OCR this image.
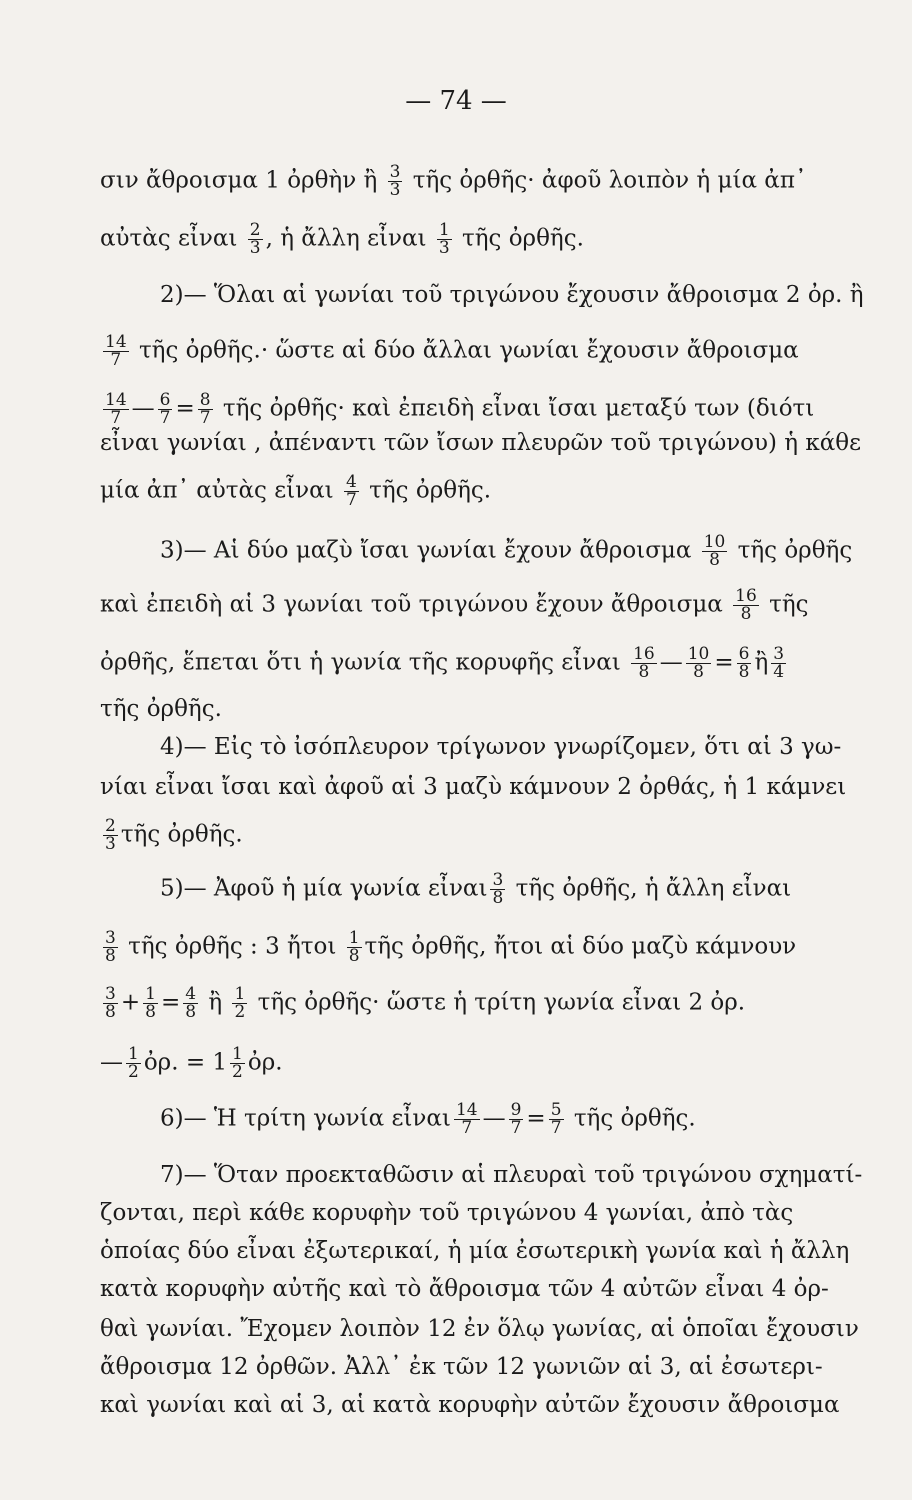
— 74 —
σιν ἄθροισμα 1 ὀρθὴν ἢ $\frac{3}{3}$ τῆς ὀρθῆς· ἀφοῦ λοιπὸν ἡ μία ἀπ᾿
αὐτὰς εἶναι $\frac{2}{3}$ , ἡ ἄλλη εἶναι $\frac{1}{3}$ τῆς ὀρθῆς.
2)— Ὅλαι αἱ γωνίαι τοῦ τριγώνου ἔχουσιν ἄθροισμα 2 ὀρ. ἢ
$\frac{14}{7}$ τῆς ὀρθῆς.· ὥστε αἱ δύο ἄλλαι γωνίαι ἔχουσιν ἄθροισμα
$\frac{14}{7}$ — $\frac{6}{7} = \frac{8}{7}$ τῆς ὀρθῆς· καὶ ἐπειδὴ εἶναι ἴσαι μεταξύ των (διότι
εἶναι γωνίαι , ἀπέναντι τῶν ἴσων πλευρῶν τοῦ τριγώνου) ἡ κάθε
μία ἀπ᾿ αὐτὰς εἶναι $\frac{4}{7}$ τῆς ὀρθῆς.
3)— Αἱ δύο μαζὺ ἴσαι γωνίαι ἔχουν ἄθροισμα $\frac{10}{8}$ τῆς ὀρθῆς
καὶ ἐπειδὴ αἱ 3 γωνίαι τοῦ τριγώνου ἔχουν ἄθροισμα $\frac{16}{8}$ τῆς
ὀρθῆς, ἕπεται ὅτι ἡ γωνία τῆς κορυφῆς εἶναι $\frac{16}{8}$ — $\frac{10}{8} = \frac{6}{8}$ ἢ $\frac{3}{4}$
τῆς ὀρθῆς.
4)— Εἰς τὸ ἰσόπλευρον τρίγωνον γνωρίζομεν, ὅτι αἱ 3 γω-
νίαι εἶναι ἴσαι καὶ ἀφοῦ αἱ 3 μαζὺ κάμνουν 2 ὀρθάς, ἡ 1 κάμνει
$\frac{2}{3}$ τῆς ὀρθῆς.
5)— Ἀφοῦ ἡ μία γωνία εἶναι $\frac{3}{8}$ τῆς ὀρθῆς, ἡ ἄλλη εἶναι
$\frac{3}{8}$ τῆς ὀρθῆς : 3 ἤτοι $\frac{1}{8}$ τῆς ὀρθῆς, ἤτοι αἱ δύο μαζὺ κάμνουν
$\frac{3}{8} + \frac{1}{8} = \frac{4}{8}$ ἢ $\frac{1}{2}$ τῆς ὀρθῆς· ὥστε ἡ τρίτη γωνία εἶναι 2 ὀρ.
— $\frac{1}{2}$ ὀρ. = $1 \frac{1}{2}$ ὀρ.
6)— Ἡ τρίτη γωνία εἶναι $\frac{14}{7}$ — $\frac{9}{7} = \frac{5}{7}$ τῆς ὀρθῆς.
7)— Ὅταν προεκταθῶσιν αἱ πλευραὶ τοῦ τριγώνου σχηματί-
ζονται, περὶ κάθε κορυφὴν τοῦ τριγώνου 4 γωνίαι, ἀπὸ τὰς
ὁποίας δύο εἶναι ἐξωτερικαί, ἡ μία ἐσωτερικὴ γωνία καὶ ἡ ἄλλη
κατὰ κορυφὴν αὐτῆς καὶ τὸ ἄθροισμα τῶν 4 αὐτῶν εἶναι 4 ὀρ-
θαὶ γωνίαι. Ἔχομεν λοιπὸν 12 ἐν ὅλῳ γωνίας, αἱ ὁποῖαι ἔχουσιν
ἄθροισμα 12 ὀρθῶν. Ἀλλ᾿ ἐκ τῶν 12 γωνιῶν αἱ 3, αἱ ἐσωτερι-
καὶ γωνίαι καὶ αἱ 3, αἱ κατὰ κορυφὴν αὐτῶν ἔχουσιν ἄθροισμα
